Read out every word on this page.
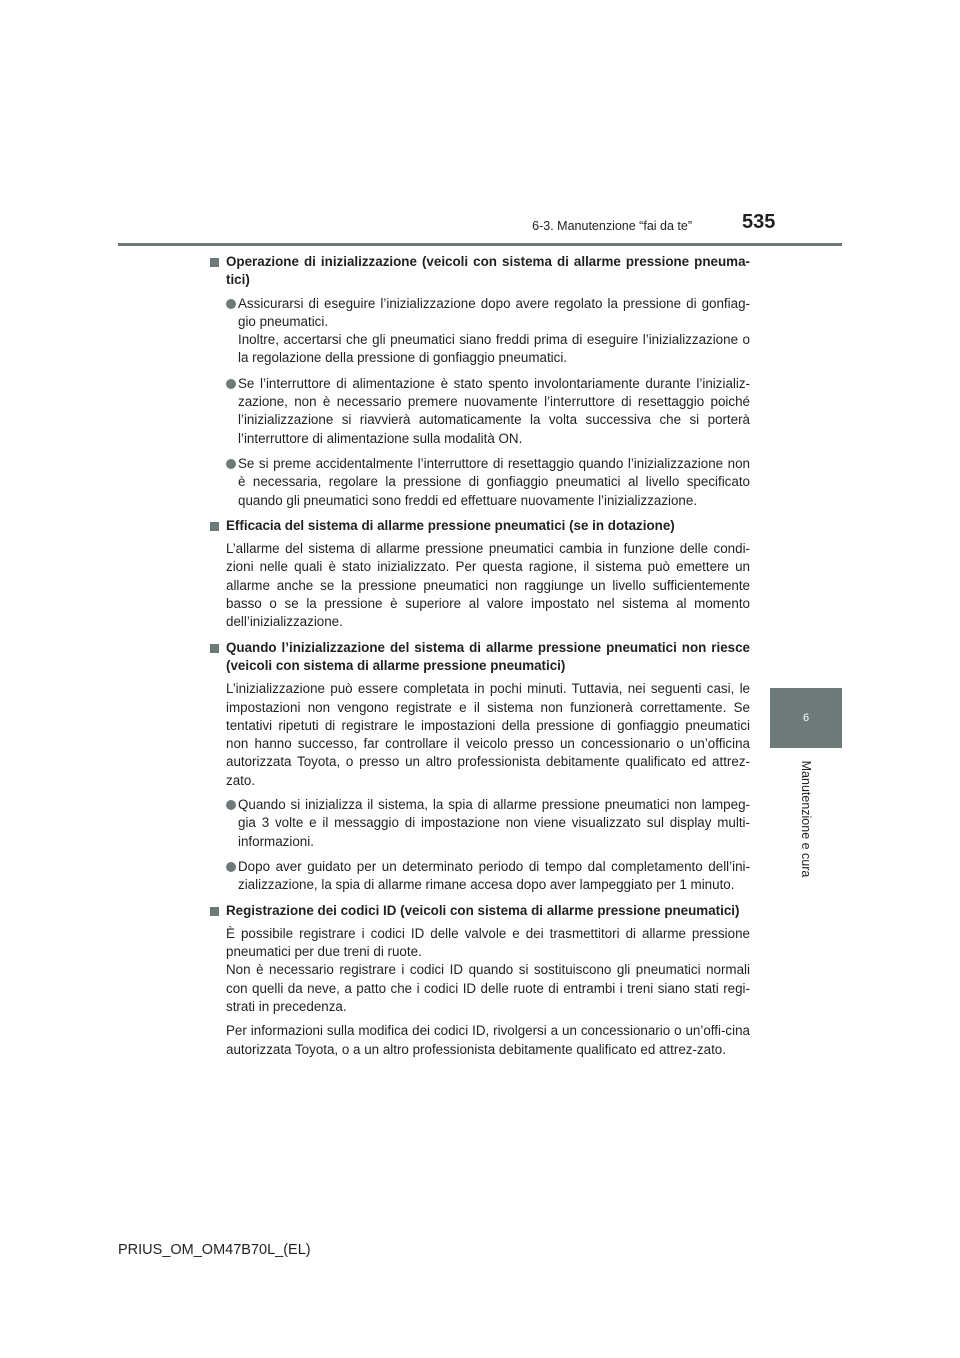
6-3. Manutenzione “fai da te”	535
6
Manutenzione e cura
Operazione di inizializzazione (veicoli con sistema di allarme pressione pneuma-tici)
Assicurarsi di eseguire l’inizializzazione dopo avere regolato la pressione di gonfiag-gio pneumatici.
Inoltre, accertarsi che gli pneumatici siano freddi prima di eseguire l’inizializzazione o la regolazione della pressione di gonfiaggio pneumatici.
Se l’interruttore di alimentazione è stato spento involontariamente durante l’inizializ-zazione, non è necessario premere nuovamente l’interruttore di resettaggio poiché l’inizializzazione si riavvierà automaticamente la volta successiva che si porterà l’interruttore di alimentazione sulla modalità ON.
Se si preme accidentalmente l’interruttore di resettaggio quando l’inizializzazione non è necessaria, regolare la pressione di gonfiaggio pneumatici al livello specificato quando gli pneumatici sono freddi ed effettuare nuovamente l’inizializzazione.
Efficacia del sistema di allarme pressione pneumatici (se in dotazione)
L’allarme del sistema di allarme pressione pneumatici cambia in funzione delle condi-zioni nelle quali è stato inizializzato. Per questa ragione, il sistema può emettere un allarme anche se la pressione pneumatici non raggiunge un livello sufficientemente basso o se la pressione è superiore al valore impostato nel sistema al momento dell’inizializzazione.
Quando l’inizializzazione del sistema di allarme pressione pneumatici non riesce (veicoli con sistema di allarme pressione pneumatici)
L’inizializzazione può essere completata in pochi minuti. Tuttavia, nei seguenti casi, le impostazioni non vengono registrate e il sistema non funzionerà correttamente. Se tentativi ripetuti di registrare le impostazioni della pressione di gonfiaggio pneumatici non hanno successo, far controllare il veicolo presso un concessionario o un’officina autorizzata Toyota, o presso un altro professionista debitamente qualificato ed attrez-zato.
Quando si inizializza il sistema, la spia di allarme pressione pneumatici non lampeg-gia 3 volte e il messaggio di impostazione non viene visualizzato sul display multi-informazioni.
Dopo aver guidato per un determinato periodo di tempo dal completamento dell’ini-zializzazione, la spia di allarme rimane accesa dopo aver lampeggiato per 1 minuto.
Registrazione dei codici ID (veicoli con sistema di allarme pressione pneumatici)
È possibile registrare i codici ID delle valvole e dei trasmettitori di allarme pressione pneumatici per due treni di ruote.
Non è necessario registrare i codici ID quando si sostituiscono gli pneumatici normali con quelli da neve, a patto che i codici ID delle ruote di entrambi i treni siano stati regi-strati in precedenza.
Per informazioni sulla modifica dei codici ID, rivolgersi a un concessionario o un’offi-cina autorizzata Toyota, o a un altro professionista debitamente qualificato ed attrez-zato.
PRIUS_OM_OM47B70L_(EL)
